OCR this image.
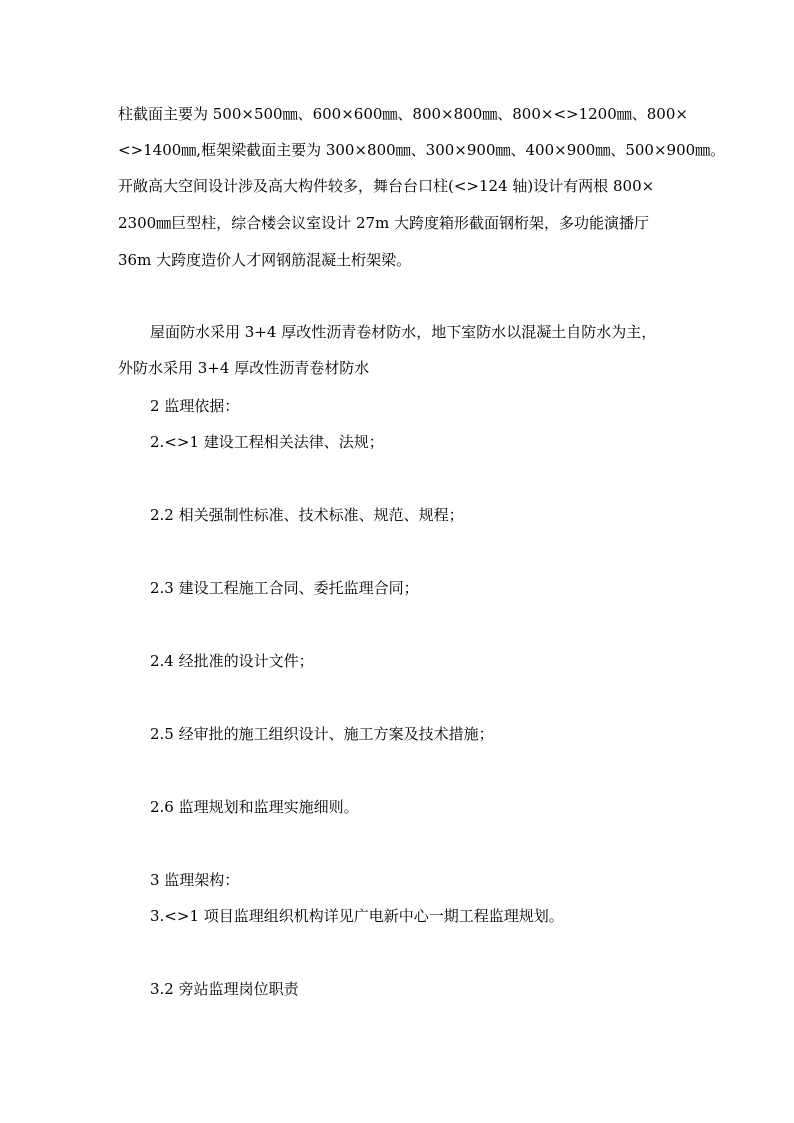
柱截面主要为 500×500㎜、600×600㎜、800×800㎜、800×<>1200㎜、800×

<>1400㎜,框架梁截面主要为 300×800㎜、300×900㎜、400×900㎜、500×900㎜。

开敞高大空间设计涉及高大构件较多，舞台台口柱(<>124 轴)设计有两根 800×

2300㎜巨型柱，综合楼会议室设计 27m 大跨度箱形截面钢桁架，多功能演播厅

36m 大跨度造价人才网钢筋混凝土桁架梁。

屋面防水采用 3+4 厚改性沥青卷材防水，地下室防水以混凝土自防水为主，

外防水采用 3+4 厚改性沥青卷材防水

2 监理依据：

2.<>1 建设工程相关法律、法规；

2.2 相关强制性标准、技术标准、规范、规程；

2.3 建设工程施工合同、委托监理合同；

2.4 经批准的设计文件；

2.5 经审批的施工组织设计、施工方案及技术措施；

2.6 监理规划和监理实施细则。

3 监理架构：

3.<>1 项目监理组织机构详见广电新中心一期工程监理规划。

3.2 旁站监理岗位职责
